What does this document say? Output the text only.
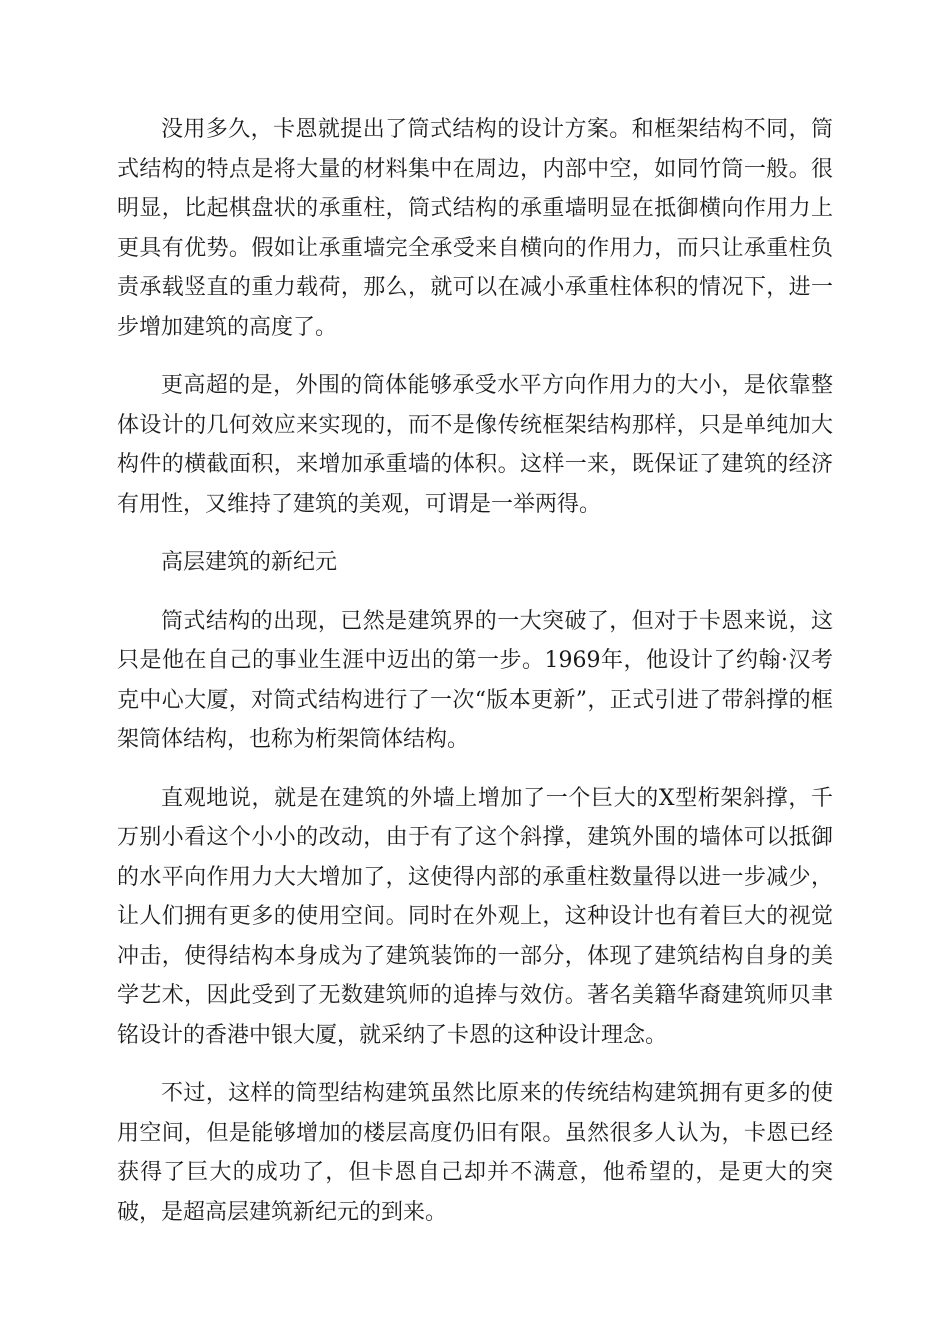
没用多久，卡恩就提出了筒式结构的设计方案。和框架结构不同，筒式结构的特点是将大量的材料集中在周边，内部中空，如同竹筒一般。很明显，比起棋盘状的承重柱，筒式结构的承重墙明显在抵御横向作用力上更具有优势。假如让承重墙完全承受来自横向的作用力，而只让承重柱负责承载竖直的重力载荷，那么，就可以在减小承重柱体积的情况下，进一步增加建筑的高度了。

更高超的是，外围的筒体能够承受水平方向作用力的大小，是依靠整体设计的几何效应来实现的，而不是像传统框架结构那样，只是单纯加大构件的横截面积，来增加承重墙的体积。这样一来，既保证了建筑的经济有用性，又维持了建筑的美观，可谓是一举两得。

高层建筑的新纪元

筒式结构的出现，已然是建筑界的一大突破了，但对于卡恩来说，这只是他在自己的事业生涯中迈出的第一步。1969年，他设计了约翰·汉考克中心大厦，对筒式结构进行了一次“版本更新”，正式引进了带斜撑的框架筒体结构，也称为桁架筒体结构。

直观地说，就是在建筑的外墙上增加了一个巨大的X型桁架斜撑，千万别小看这个小小的改动，由于有了这个斜撑，建筑外围的墙体可以抵御的水平向作用力大大增加了，这使得内部的承重柱数量得以进一步减少，让人们拥有更多的使用空间。同时在外观上，这种设计也有着巨大的视觉冲击，使得结构本身成为了建筑装饰的一部分，体现了建筑结构自身的美学艺术，因此受到了无数建筑师的追捧与效仿。著名美籍华裔建筑师贝聿铭设计的香港中银大厦，就采纳了卡恩的这种设计理念。

不过，这样的筒型结构建筑虽然比原来的传统结构建筑拥有更多的使用空间，但是能够增加的楼层高度仍旧有限。虽然很多人认为，卡恩已经获得了巨大的成功了，但卡恩自己却并不满意，他希望的，是更大的突破，是超高层建筑新纪元的到来。
